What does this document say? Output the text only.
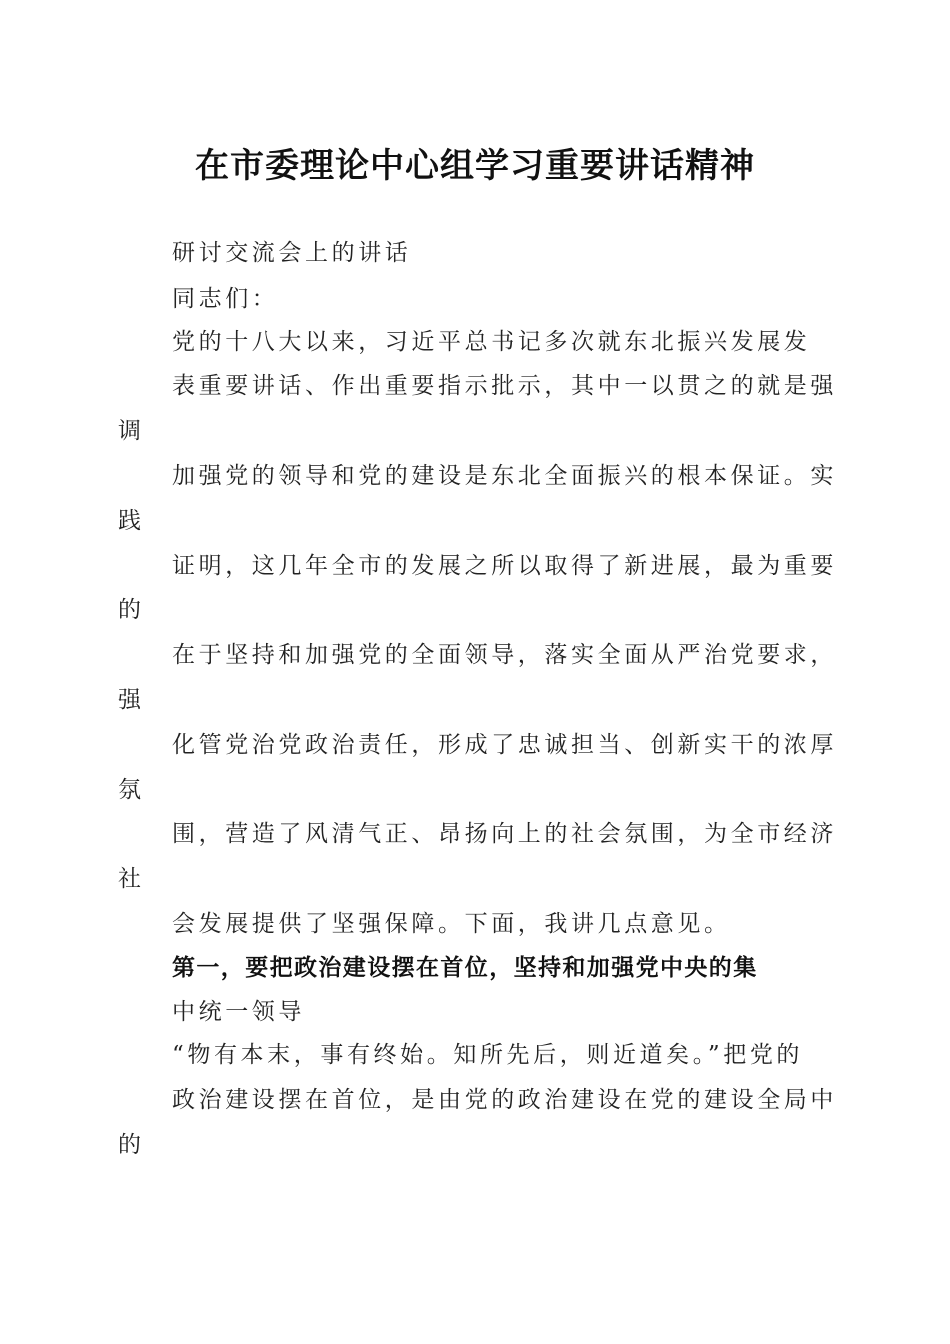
在市委理论中心组学习重要讲话精神
研讨交流会上的讲话
同志们：
党的十八大以来，习近平总书记多次就东北振兴发展发
表重要讲话、作出重要指示批示，其中一以贯之的就是强
调
加强党的领导和党的建设是东北全面振兴的根本保证。实
践
证明，这几年全市的发展之所以取得了新进展，最为重要
的
在于坚持和加强党的全面领导，落实全面从严治党要求，
强
化管党治党政治责任，形成了忠诚担当、创新实干的浓厚
氛
围，营造了风清气正、昂扬向上的社会氛围，为全市经济
社
会发展提供了坚强保障。下面，我讲几点意见。
第一，要把政治建设摆在首位，坚持和加强党中央的集
中统一领导
“物有本末，事有终始。知所先后，则近道矣。”把党的
政治建设摆在首位，是由党的政治建设在党的建设全局中
的
